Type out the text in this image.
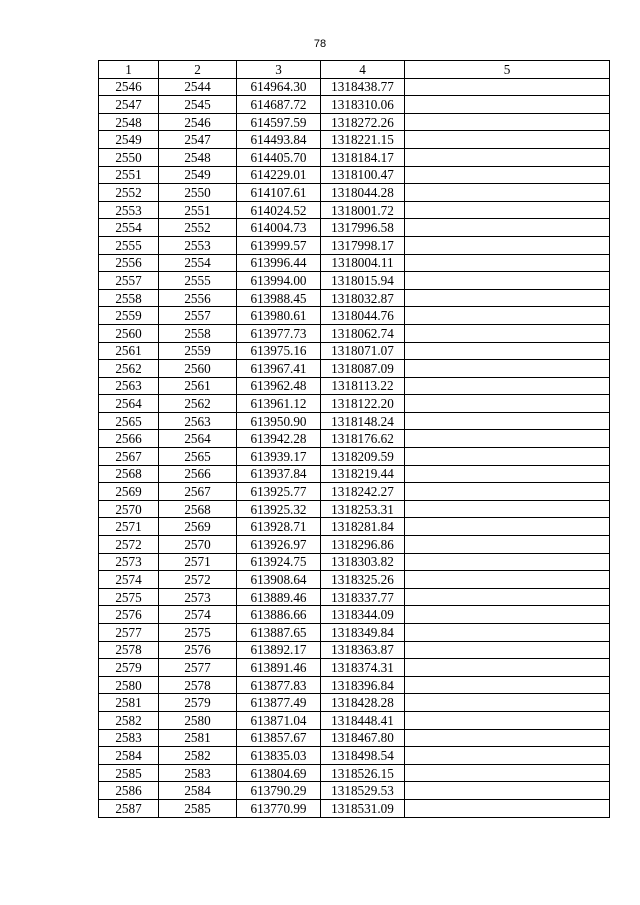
78
1	2	3	4	5
2546	2544	614964.30	1318438.77	
2547	2545	614687.72	1318310.06	
2548	2546	614597.59	1318272.26	
2549	2547	614493.84	1318221.15	
2550	2548	614405.70	1318184.17	
2551	2549	614229.01	1318100.47	
2552	2550	614107.61	1318044.28	
2553	2551	614024.52	1318001.72	
2554	2552	614004.73	1317996.58	
2555	2553	613999.57	1317998.17	
2556	2554	613996.44	1318004.11	
2557	2555	613994.00	1318015.94	
2558	2556	613988.45	1318032.87	
2559	2557	613980.61	1318044.76	
2560	2558	613977.73	1318062.74	
2561	2559	613975.16	1318071.07	
2562	2560	613967.41	1318087.09	
2563	2561	613962.48	1318113.22	
2564	2562	613961.12	1318122.20	
2565	2563	613950.90	1318148.24	
2566	2564	613942.28	1318176.62	
2567	2565	613939.17	1318209.59	
2568	2566	613937.84	1318219.44	
2569	2567	613925.77	1318242.27	
2570	2568	613925.32	1318253.31	
2571	2569	613928.71	1318281.84	
2572	2570	613926.97	1318296.86	
2573	2571	613924.75	1318303.82	
2574	2572	613908.64	1318325.26	
2575	2573	613889.46	1318337.77	
2576	2574	613886.66	1318344.09	
2577	2575	613887.65	1318349.84	
2578	2576	613892.17	1318363.87	
2579	2577	613891.46	1318374.31	
2580	2578	613877.83	1318396.84	
2581	2579	613877.49	1318428.28	
2582	2580	613871.04	1318448.41	
2583	2581	613857.67	1318467.80	
2584	2582	613835.03	1318498.54	
2585	2583	613804.69	1318526.15	
2586	2584	613790.29	1318529.53	
2587	2585	613770.99	1318531.09	
